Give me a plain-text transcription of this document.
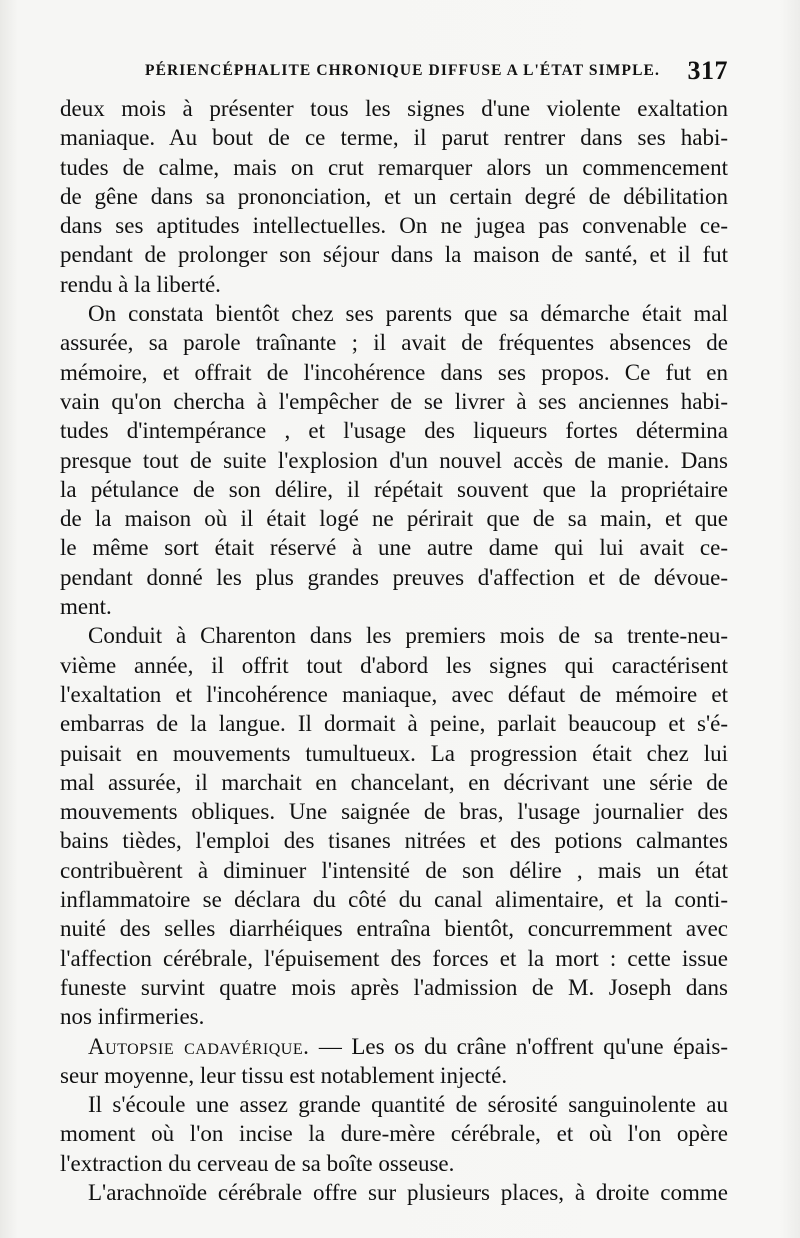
PÉRIENCÉPHALITE CHRONIQUE DIFFUSE A L'ÉTAT SIMPLE. 317
deux mois à présenter tous les signes d'une violente exaltation
maniaque. Au bout de ce terme, il parut rentrer dans ses habi-
tudes de calme, mais on crut remarquer alors un commencement
de gêne dans sa prononciation, et un certain degré de débilitation
dans ses aptitudes intellectuelles. On ne jugea pas convenable ce-
pendant de prolonger son séjour dans la maison de santé, et il fut
rendu à la liberté.
On constata bientôt chez ses parents que sa démarche était mal
assurée, sa parole traînante ; il avait de fréquentes absences de
mémoire, et offrait de l'incohérence dans ses propos. Ce fut en
vain qu'on chercha à l'empêcher de se livrer à ses anciennes habi-
tudes d'intempérance , et l'usage des liqueurs fortes détermina
presque tout de suite l'explosion d'un nouvel accès de manie. Dans
la pétulance de son délire, il répétait souvent que la propriétaire
de la maison où il était logé ne périrait que de sa main, et que
le même sort était réservé à une autre dame qui lui avait ce-
pendant donné les plus grandes preuves d'affection et de dévoue-
ment.
Conduit à Charenton dans les premiers mois de sa trente-neu-
vième année, il offrit tout d'abord les signes qui caractérisent
l'exaltation et l'incohérence maniaque, avec défaut de mémoire et
embarras de la langue. Il dormait à peine, parlait beaucoup et s'é-
puisait en mouvements tumultueux. La progression était chez lui
mal assurée, il marchait en chancelant, en décrivant une série de
mouvements obliques. Une saignée de bras, l'usage journalier des
bains tièdes, l'emploi des tisanes nitrées et des potions calmantes
contribuèrent à diminuer l'intensité de son délire , mais un état
inflammatoire se déclara du côté du canal alimentaire, et la conti-
nuité des selles diarrhéiques entraîna bientôt, concurremment avec
l'affection cérébrale, l'épuisement des forces et la mort : cette issue
funeste survint quatre mois après l'admission de M. Joseph dans
nos infirmeries.
Autopsie cadavérique. — Les os du crâne n'offrent qu'une épais-
seur moyenne, leur tissu est notablement injecté.
Il s'écoule une assez grande quantité de sérosité sanguinolente au
moment où l'on incise la dure-mère cérébrale, et où l'on opère
l'extraction du cerveau de sa boîte osseuse.
L'arachnoïde cérébrale offre sur plusieurs places, à droite comme
